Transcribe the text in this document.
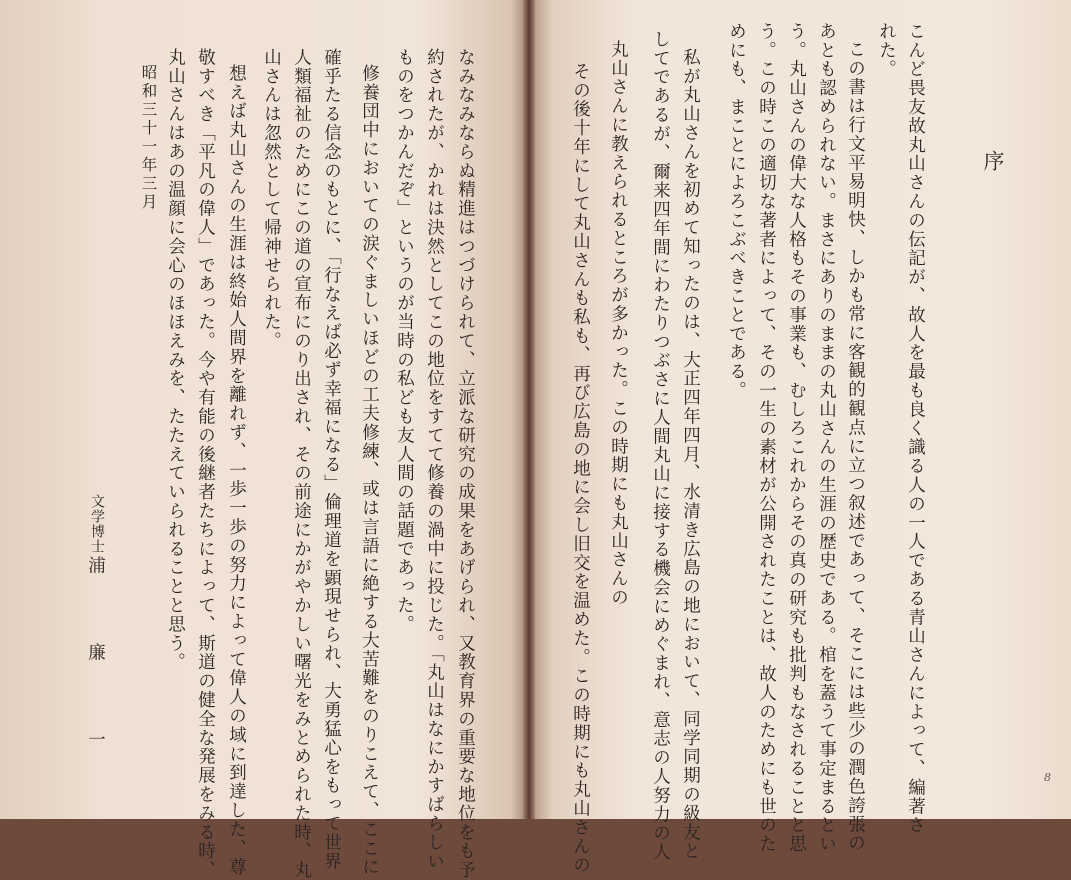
序
こんど畏友故丸山さんの伝記が、故人を最も良く識る人の一人である青山さんによって、編著さ
れた。
この書は行文平易明快、しかも常に客観的観点に立つ叙述であって、そこには些少の潤色誇張の
あとも認められない。まさにありのままの丸山さんの生涯の歴史である。棺を蓋うて事定まるとい
う。丸山さんの偉大な人格もその事業も、むしろこれからその真の研究も批判もなされることと思
う。この時この適切な著者によって、その一生の素材が公開されたことは、故人のためにも世のた
めにも、まことによろこぶべきことである。
私が丸山さんを初めて知ったのは、大正四年四月、水清き広島の地において、同学同期の級友と
してであるが、爾来四年間にわたりつぶさに人間丸山に接する機会にめぐまれ、意志の人努力の人
その後十年にして丸山さんも私も、再び広島の地に会し旧交を温めた。この時期にも丸山さんの 丸山さんに教えられるところが多かった。この時期にも丸山さんの
8
なみなみならぬ精進はつづけられて、立派な研究の成果をあげられ、又教育界の重要な地位をも予
約されたが、かれは決然としてこの地位をすてて修養の渦中に投じた。「丸山はなにかすばらしい
ものをつかんだぞ」というのが当時の私ども友人間の話題であった。
修養団中においての涙ぐましいほどの工夫修練、或は言語に絶する大苦難をのりこえて、ここに
確乎たる信念のもとに、「行なえば必ず幸福になる」倫理道を顕現せられ、大勇猛心をもって世界
人類福祉のためにこの道の宣布にのり出され、その前途にかがやかしい曙光をみとめられた時、丸
山さんは忽然として帰神せられた。
想えば丸山さんの生涯は終始人間界を離れず、一歩一歩の努力によって偉人の域に到達した、尊
敬すべき「平凡の偉人」であった。今や有能の後継者たちによって、斯道の健全な発展をみる時、
丸山さんはあの温顔に会心のほほえみを、たたえていられることと思う。
昭和三十一年三月
文学博士
浦　廉　一
